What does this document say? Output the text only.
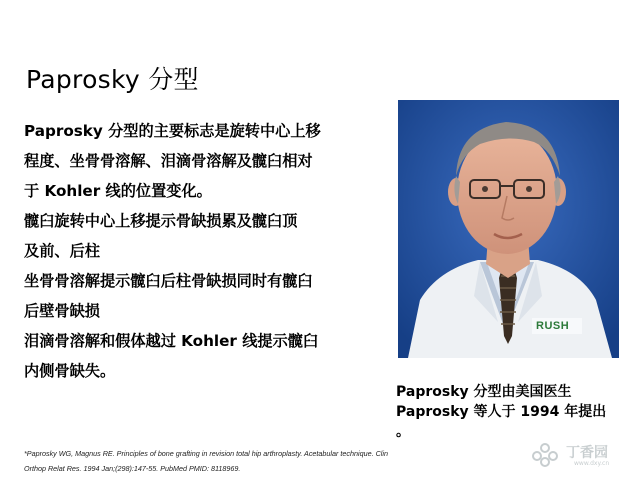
Paprosky 分型
Paprosky 分型的主要标志是旋转中心上移
程度、坐骨骨溶解、泪滴骨溶解及髋臼相对
于 Kohler 线的位置变化。
髋臼旋转中心上移提示骨缺损累及髋臼顶
及前、后柱
坐骨骨溶解提示髋臼后柱骨缺损同时有髋臼
后壁骨缺损
泪滴骨溶解和假体越过 Kohler 线提示髋臼
内侧骨缺失。
RUSH
Paprosky 分型由美国医生
Paprosky 等人于 1994 年提出
。
*Paprosky WG, Magnus RE. Principles of bone grafting in revision total hip arthroplasty. Acetabular technique. Clin
Orthop Relat Res. 1994 Jan;(298):147-55. PubMed PMID: 8118969.
丁香园
www.dxy.cn
